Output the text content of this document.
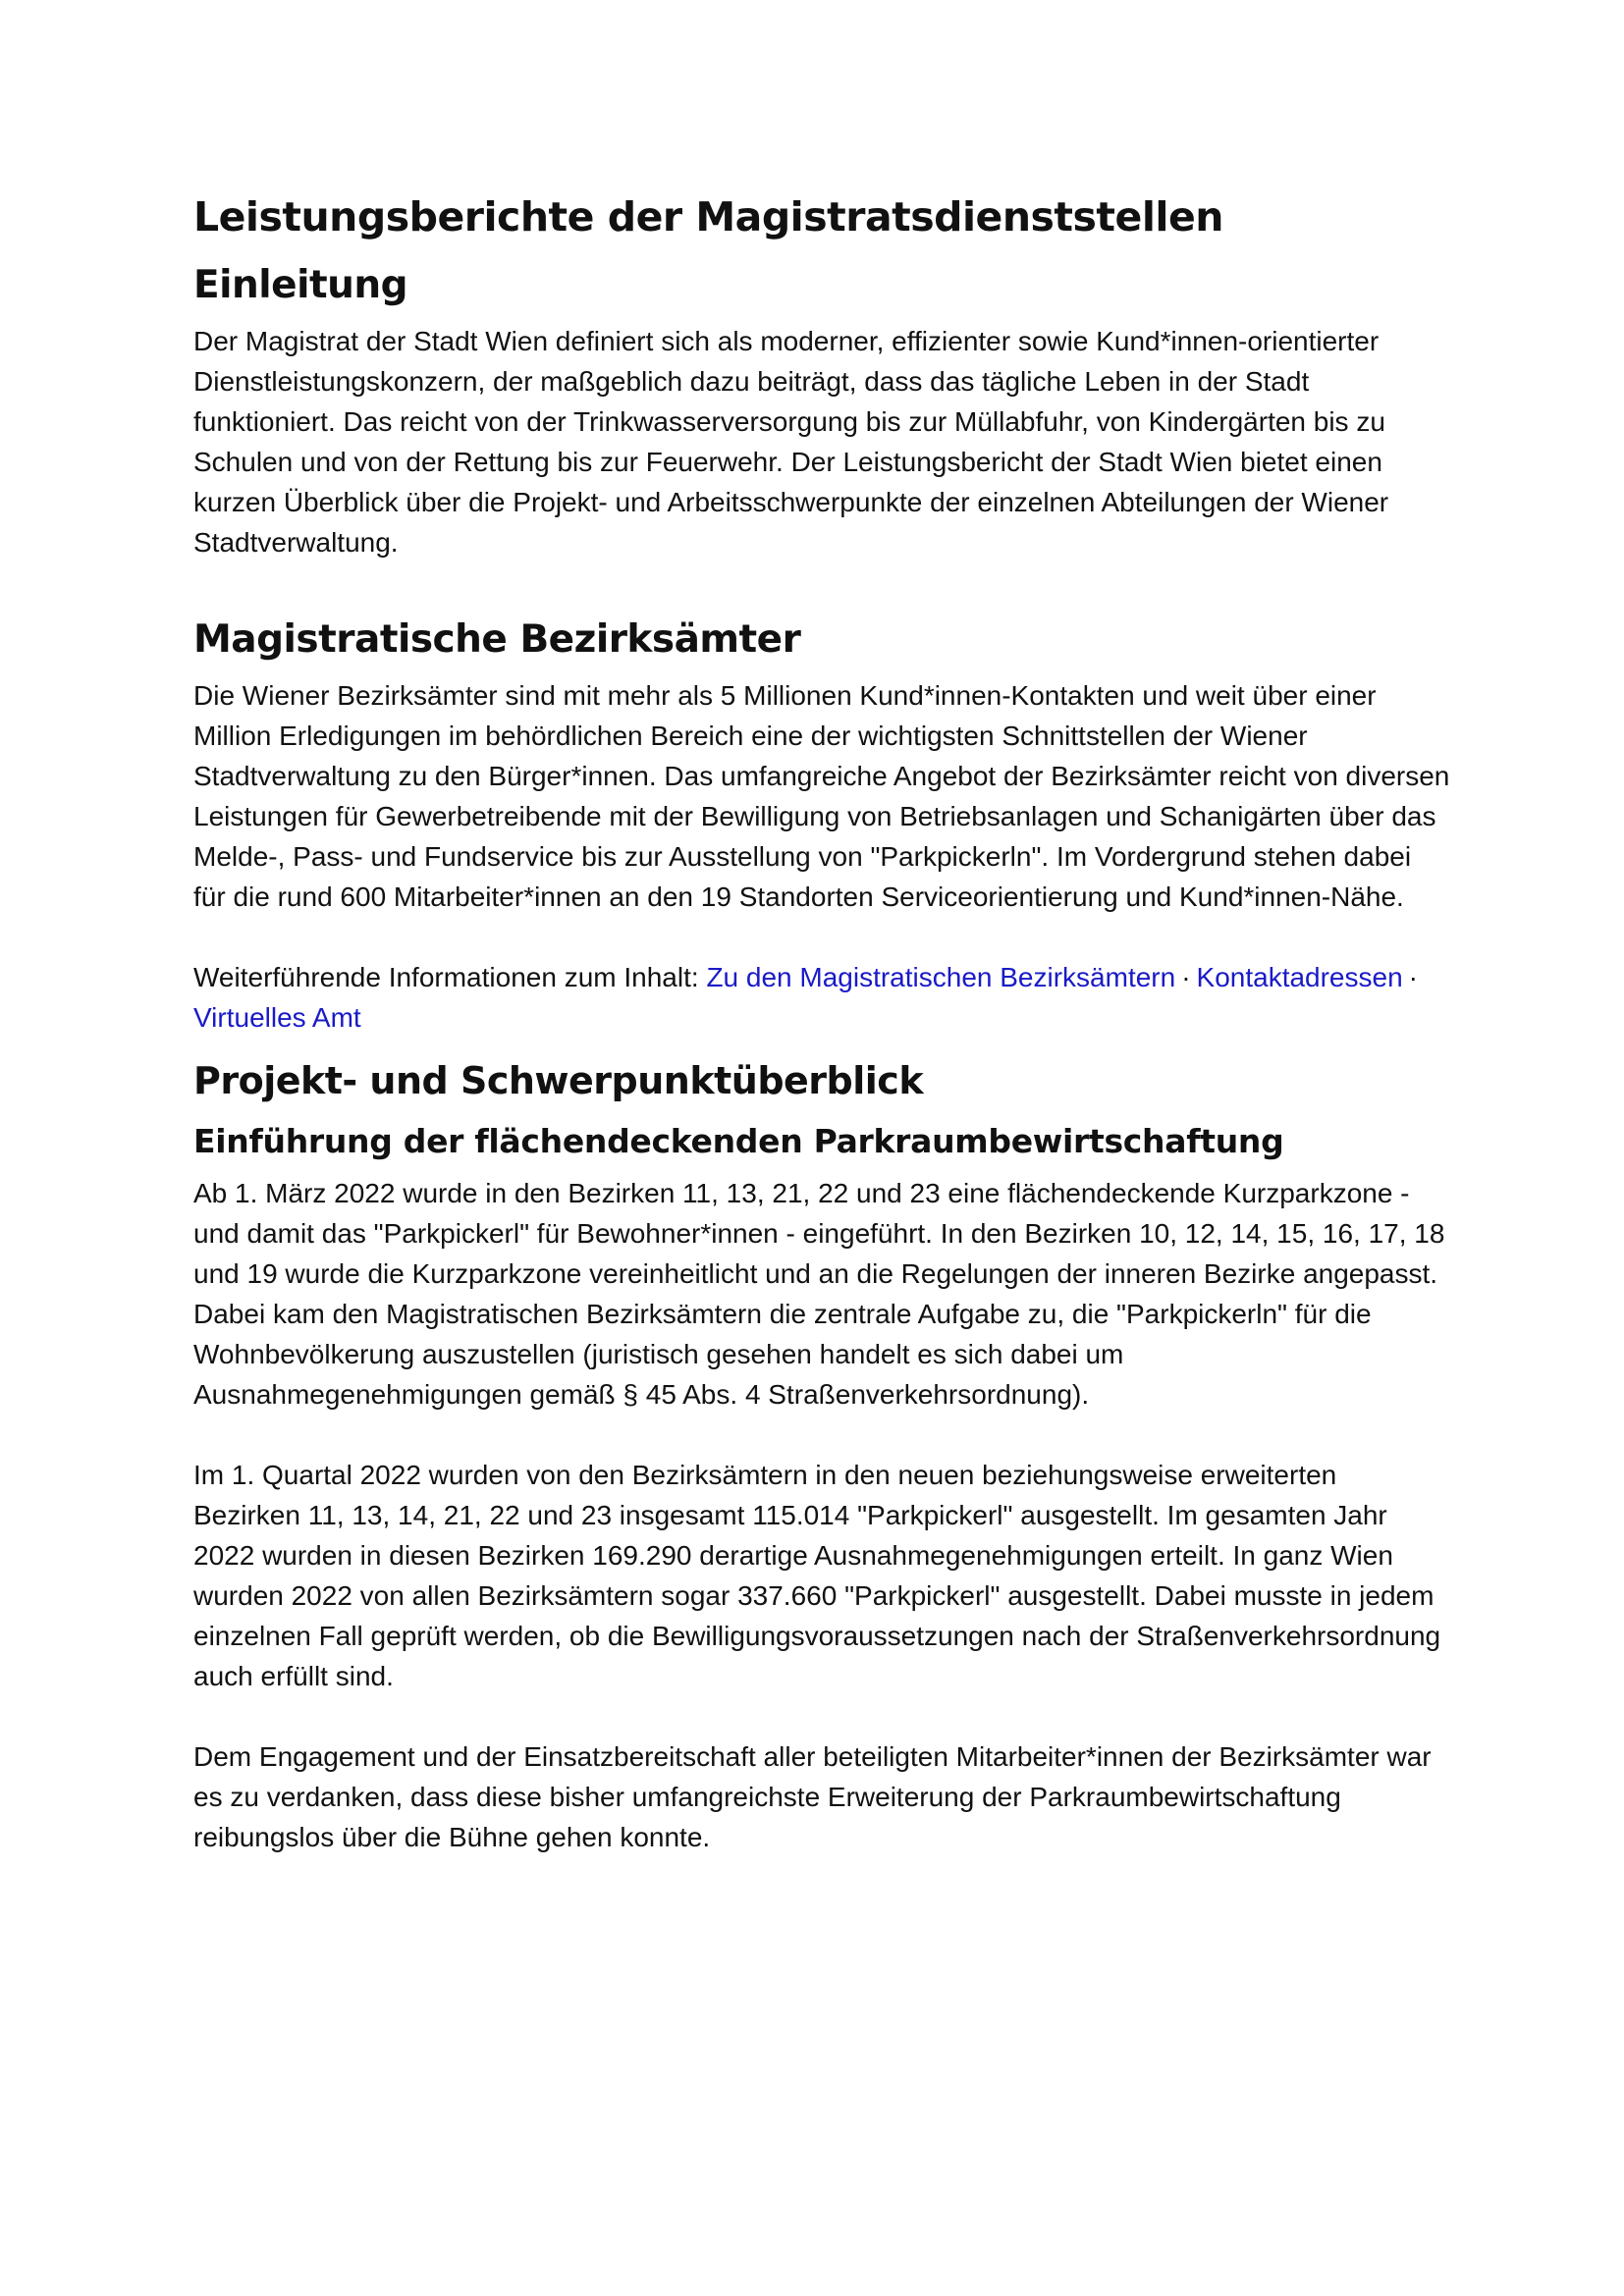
Leistungsberichte der Magistratsdienststellen
Einleitung

Der Magistrat der Stadt Wien definiert sich als moderner, effizienter sowie Kund*innen-orientierter Dienstleistungskonzern, der maßgeblich dazu beiträgt, dass das tägliche Leben in der Stadt funktioniert. Das reicht von der Trinkwasserversorgung bis zur Müllabfuhr, von Kindergärten bis zu Schulen und von der Rettung bis zur Feuerwehr. Der Leistungsbericht der Stadt Wien bietet einen kurzen Überblick über die Projekt- und Arbeitsschwerpunkte der einzelnen Abteilungen der Wiener Stadtverwaltung.

Magistratische Bezirksämter

Die Wiener Bezirksämter sind mit mehr als 5 Millionen Kund*innen-Kontakten und weit über einer Million Erledigungen im behördlichen Bereich eine der wichtigsten Schnittstellen der Wiener Stadtverwaltung zu den Bürger*innen. Das umfangreiche Angebot der Bezirksämter reicht von diversen Leistungen für Gewerbetreibende mit der Bewilligung von Betriebsanlagen und Schanigärten über das Melde-, Pass- und Fundservice bis zur Ausstellung von "Parkpickerln". Im Vordergrund stehen dabei für die rund 600 Mitarbeiter*innen an den 19 Standorten Serviceorientierung und Kund*innen-Nähe.

Weiterführende Informationen zum Inhalt: Zu den Magistratischen Bezirksämtern · Kontaktadressen ·Virtuelles Amt

Projekt- und Schwerpunktüberblick
Einführung der flächendeckenden Parkraumbewirtschaftung

Ab 1. März 2022 wurde in den Bezirken 11, 13, 21, 22 und 23 eine flächendeckende Kurzparkzone - und damit das "Parkpickerl" für Bewohner*innen - eingeführt. In den Bezirken 10, 12, 14, 15, 16, 17, 18 und 19 wurde die Kurzparkzone vereinheitlicht und an die Regelungen der inneren Bezirke angepasst. Dabei kam den Magistratischen Bezirksämtern die zentrale Aufgabe zu, die "Parkpickerln" für die Wohnbevölkerung auszustellen (juristisch gesehen handelt es sich dabei um Ausnahmegenehmigungen gemäß § 45 Abs. 4 Straßenverkehrsordnung).

Im 1. Quartal 2022 wurden von den Bezirksämtern in den neuen beziehungsweise erweiterten Bezirken 11, 13, 14, 21, 22 und 23 insgesamt 115.014 "Parkpickerl" ausgestellt. Im gesamten Jahr 2022 wurden in diesen Bezirken 169.290 derartige Ausnahmegenehmigungen erteilt. In ganz Wien wurden 2022 von allen Bezirksämtern sogar 337.660 "Parkpickerl" ausgestellt. Dabei musste in jedem einzelnen Fall geprüft werden, ob die Bewilligungsvoraussetzungen nach der Straßenverkehrsordnung auch erfüllt sind.

Dem Engagement und der Einsatzbereitschaft aller beteiligten Mitarbeiter*innen der Bezirksämter war es zu verdanken, dass diese bisher umfangreichste Erweiterung der Parkraumbewirtschaftung reibungslos über die Bühne gehen konnte.
